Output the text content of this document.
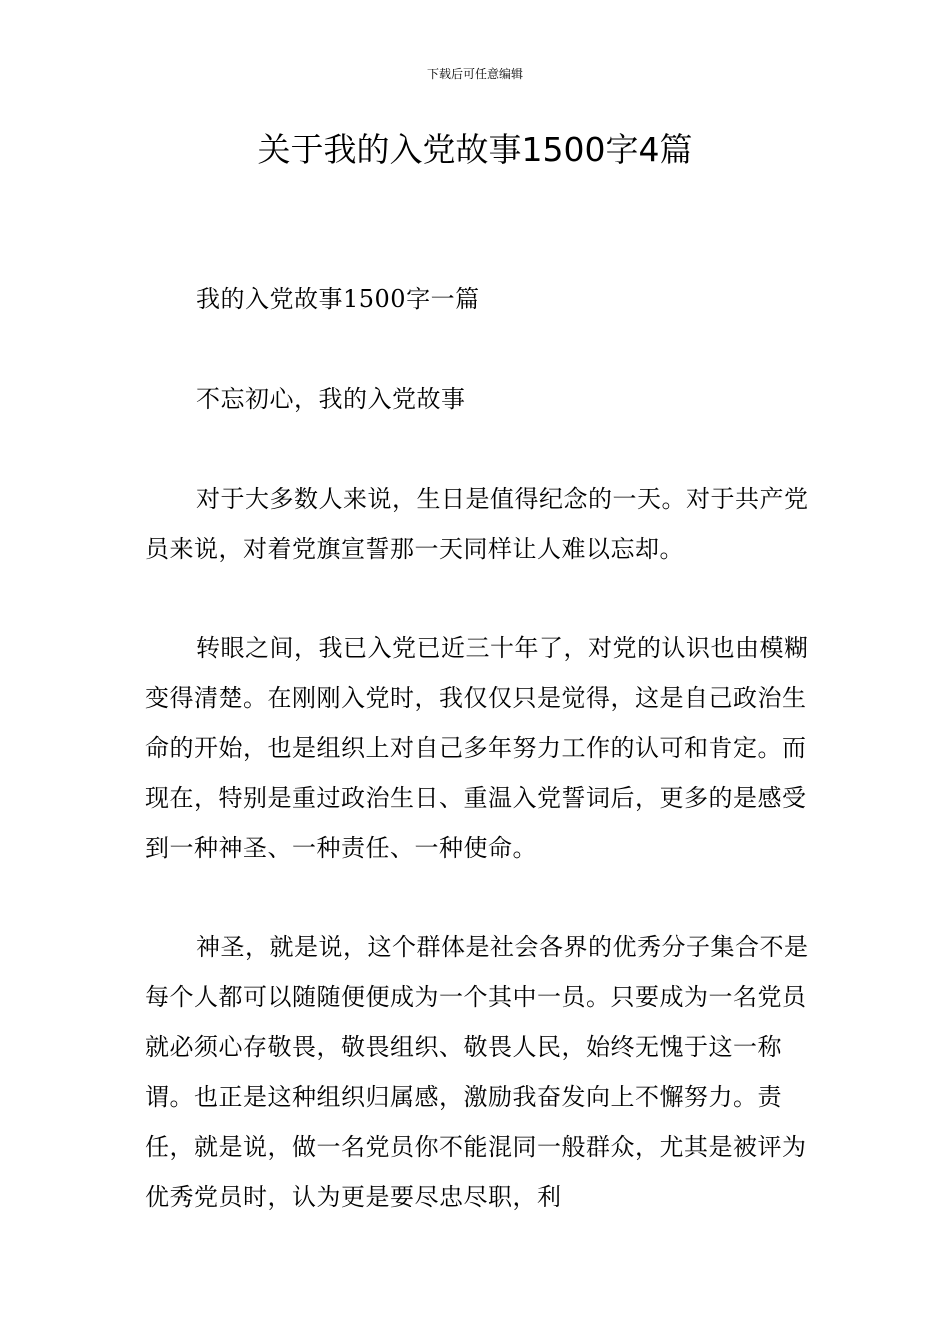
下载后可任意编辑
关于我的入党故事1500字4篇

我的入党故事1500字一篇

不忘初心，我的入党故事

对于大多数人来说，生日是值得纪念的一天。对于共产党员来说，对着党旗宣誓那一天同样让人难以忘却。

转眼之间，我已入党已近三十年了，对党的认识也由模糊变得清楚。在刚刚入党时，我仅仅只是觉得，这是自己政治生命的开始，也是组织上对自己多年努力工作的认可和肯定。而现在，特别是重过政治生日、重温入党誓词后，更多的是感受到一种神圣、一种责任、一种使命。

神圣，就是说，这个群体是社会各界的优秀分子集合不是每个人都可以随随便便成为一个其中一员。只要成为一名党员就必须心存敬畏，敬畏组织、敬畏人民，始终无愧于这一称谓。也正是这种组织归属感，激励我奋发向上不懈努力。责任，就是说，做一名党员你不能混同一般群众，尤其是被评为优秀党员时，认为更是要尽忠尽职，利
